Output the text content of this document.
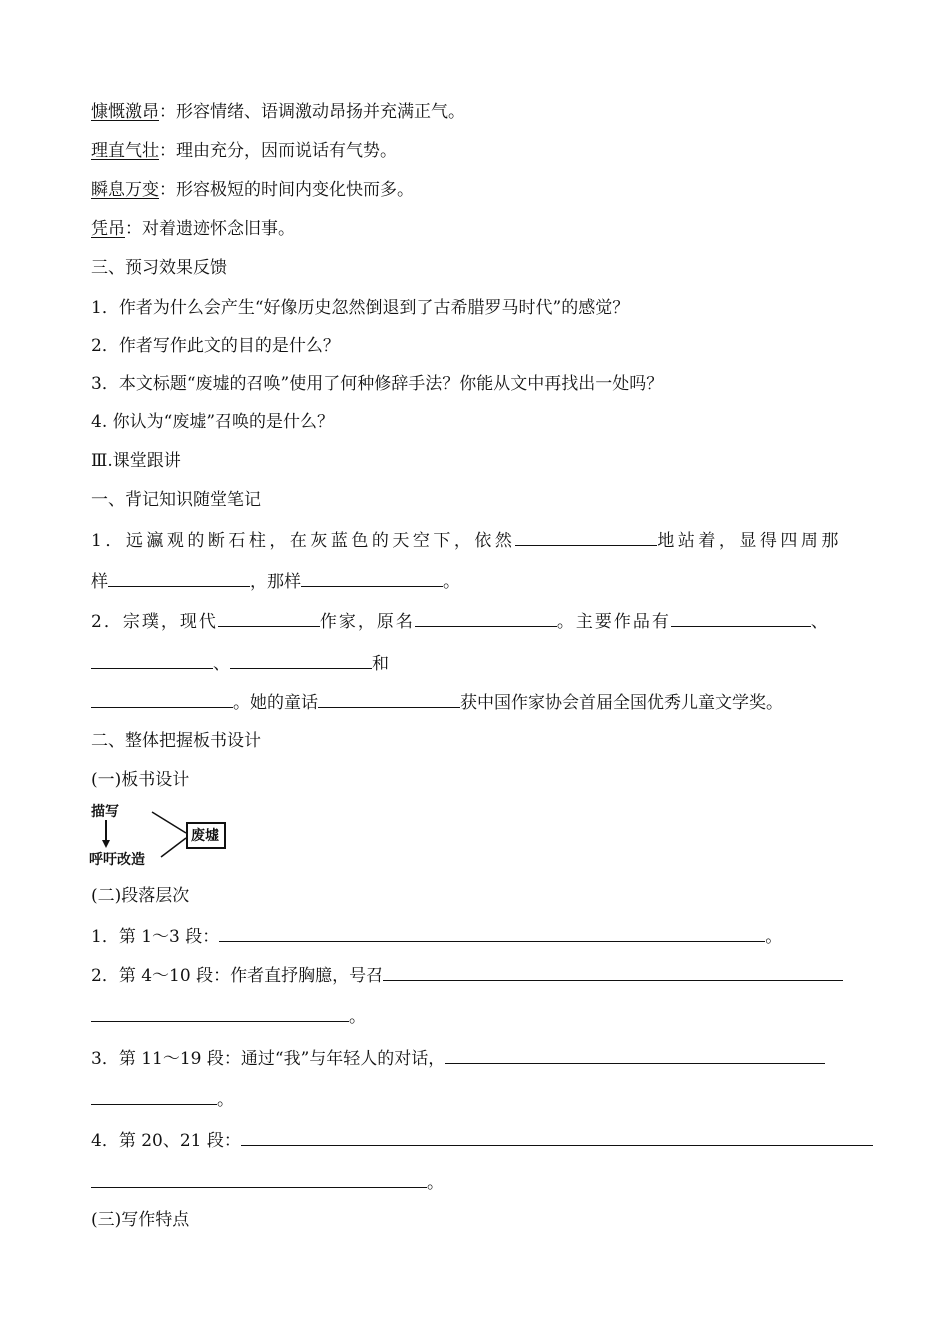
慷慨激昂：形容情绪、语调激动昂扬并充满正气。
理直气壮：理由充分，因而说话有气势。
瞬息万变：形容极短的时间内变化快而多。
凭吊：对着遗迹怀念旧事。
三、预习效果反馈
1．作者为什么会产生“好像历史忽然倒退到了古希腊罗马时代”的感觉？
2．作者写作此文的目的是什么？
3．本文标题“废墟的召唤”使用了何种修辞手法？你能从文中再找出一处吗？
4. 你认为“废墟”召唤的是什么？
Ⅲ.课堂跟讲
一、背记知识随堂笔记
1．远瀛观的断石柱，在灰蓝色的天空下，依然	地站着，显得四周那
样	，那样	。
2．宗璞，现代	作家，原名	。主要作品有	、
、	和
。她的童话	获中国作家协会首届全国优秀儿童文学奖。
二、整体把握板书设计
(一)板书设计
描写
呼吁改造
废墟
(二)段落层次
1．第 1～3 段：	。
2．第 4～10 段：作者直抒胸臆，号召
。
3．第 11～19 段：通过“我”与年轻人的对话，
。
4．第 20、21 段：
。
(三)写作特点
